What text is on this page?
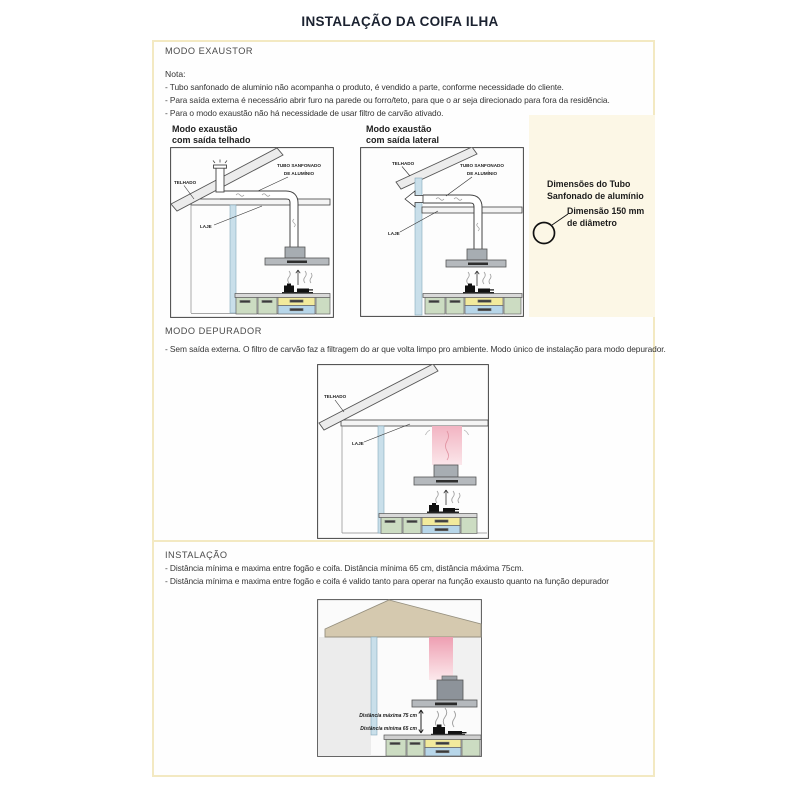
INSTALAÇÃO DA COIFA ILHA
MODO EXAUSTOR
Nota:
- Tubo sanfonado de aluminio não acompanha o produto, é vendido a parte, conforme necessidade do cliente.
- Para saída externa é necessário abrir furo na parede ou forro/teto, para que o ar seja direcionado para fora da residência.
- Para o modo exaustão não há necessidade de usar filtro de carvão ativado.
Modo exaustão
com saída telhado
Modo exaustão
com saída lateral
TELHADO
TUBO SANFONADO
DE ALUMÍNIO
LAJE
TELHADO	TUBO SANFONADO
DE ALUMÍNIO
LAJE
Dimensões do Tubo
Sanfonado de alumínio
Dimensão 150 mm
de diâmetro
MODO DEPURADOR
- Sem saída externa. O filtro de carvão faz a filtragem do ar que volta limpo pro ambiente. Modo único de instalação para modo depurador.
TELHADO
LAJE
INSTALAÇÃO
- Distância mínima e maxima entre fogão e coifa. Distância mínima 65 cm, distância máxima 75cm.
- Distância mínima e maxima entre fogão e coifa é valido tanto para operar na função exausto quanto na função depurador
Distância máxima 75 cm
Distância mínima 65 cm
